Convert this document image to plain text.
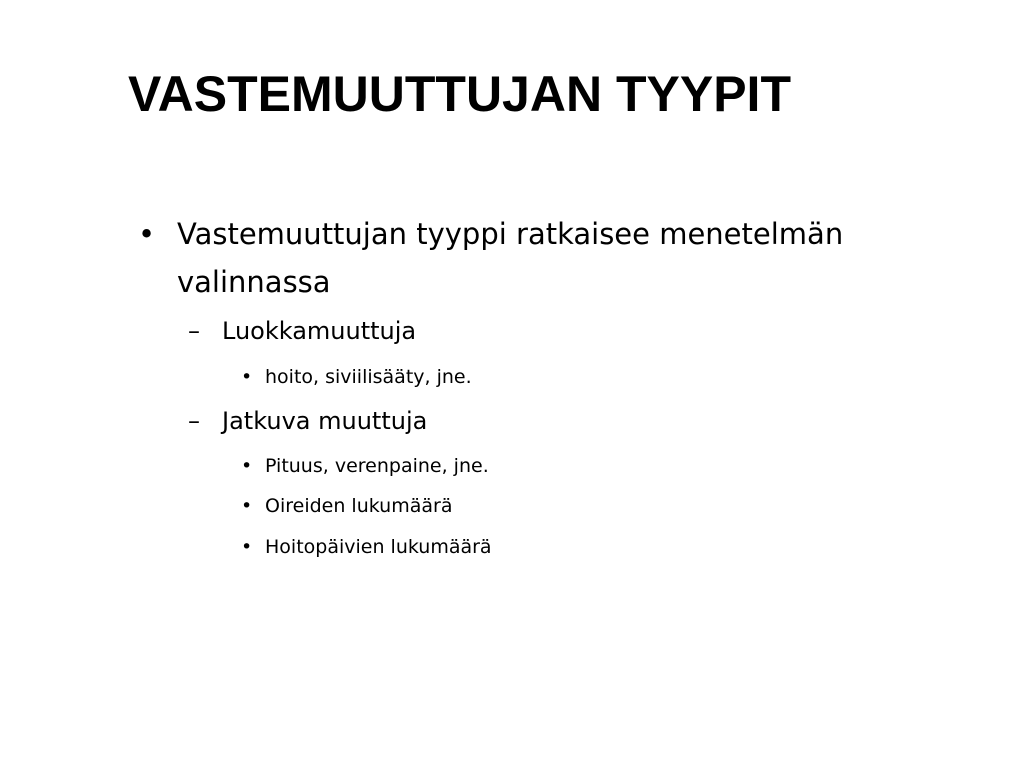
VASTEMUUTTUJAN TYYPIT
• Vastemuuttujan tyyppi ratkaisee menetelmän valinnassa
– Luokkamuuttuja
• hoito, siviilisääty, jne.
– Jatkuva muuttuja
• Pituus, verenpaine, jne.
• Oireiden lukumäärä
• Hoitopäivien lukumäärä
